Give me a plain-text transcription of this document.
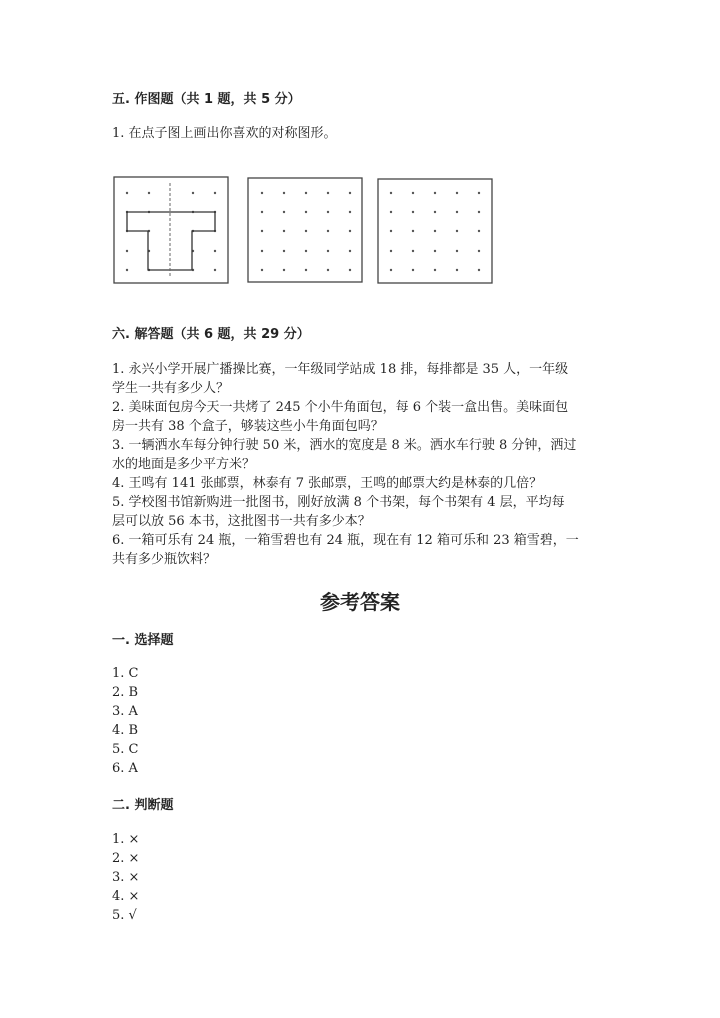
五. 作图题（共 1 题，共 5 分）
1. 在点子图上画出你喜欢的对称图形。
六. 解答题（共 6 题，共 29 分）
1. 永兴小学开展广播操比赛，一年级同学站成 18 排，每排都是 35 人，一年级
学生一共有多少人？
2. 美味面包房今天一共烤了 245 个小牛角面包，每 6 个装一盒出售。美味面包
房一共有 38 个盒子，够装这些小牛角面包吗？
3. 一辆洒水车每分钟行驶 50 米，洒水的宽度是 8 米。洒水车行驶 8 分钟，洒过
水的地面是多少平方米？
4. 王鸣有 141 张邮票，林泰有 7 张邮票，王鸣的邮票大约是林泰的几倍？
5. 学校图书馆新购进一批图书，刚好放满 8 个书架，每个书架有 4 层，平均每
层可以放 56 本书，这批图书一共有多少本？
6. 一箱可乐有 24 瓶，一箱雪碧也有 24 瓶，现在有 12 箱可乐和 23 箱雪碧，一
共有多少瓶饮料？
参考答案
一. 选择题
1. C
2. B
3. A
4. B
5. C
6. A
二. 判断题
1. ×
2. ×
3. ×
4. ×
5. √
